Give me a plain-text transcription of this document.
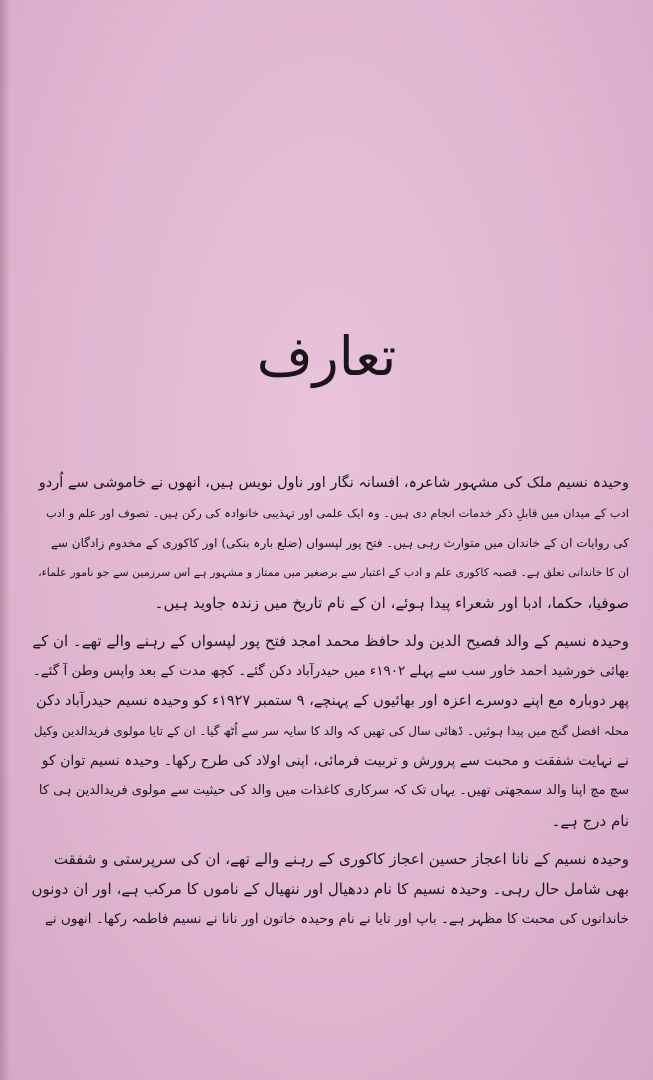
تعارف
وحیدہ نسیم ملک کی مشہور شاعرہ، افسانہ نگار اور ناول نویس ہیں، انھوں نے خاموشی سے اُردو
ادب کے میدان میں قابلِ ذکر خدمات انجام دی ہیں۔ وہ ایک علمی اور تہذیبی خانوادہ کی رکن ہیں۔ تصوف اور علم و ادب
کی روایات ان کے خاندان میں متوارث رہی ہیں۔ فتح پور لپسواں (ضلع بارہ بنکی) اور کاکوری کے مخدوم زادگان سے
ان کا خاندانی تعلق ہے۔ قصبہ کاکوری علم و ادب کے اعتبار سے برصغیر میں ممتاز و مشہور ہے اس سرزمین سے جو نامور علماء،
صوفیا، حکما، ادبا اور شعراء پیدا ہوئے، ان کے نام تاریخ میں زندہ جاوید ہیں۔
وحیدہ نسیم کے والد فصیح الدین ولد حافظ محمد امجد فتح پور لپسواں کے رہنے والے تھے۔ ان کے
بھائی خورشید احمد خاور سب سے پہلے ۱۹۰۲ء میں حیدرآباد دکن گئے۔ کچھ مدت کے بعد واپس وطن آ گئے۔
پھر دوبارہ مع اپنے دوسرے اعزہ اور بھائیوں کے پہنچے، ۹ ستمبر ۱۹۲۷ء کو وحیدہ نسیم حیدرآباد دکن
محلہ افضل گنج میں پیدا ہوئیں۔ ڈھائی سال کی تھیں کہ والد کا سایہ سر سے اُٹھ گیا۔ ان کے تایا مولوی فریدالدین وکیل
نے نہایت شفقت و محبت سے پرورش و تربیت فرمائی، اپنی اولاد کی طرح رکھا۔ وحیدہ نسیم توان کو
سچ مچ اپنا والد سمجھتی تھیں۔ یہاں تک کہ سرکاری کاغذات میں والد کی حیثیت سے مولوی فریدالدین ہی کا
نام درج ہے۔
وحیدہ نسیم کے نانا اعجاز حسین اعجاز کاکوری کے رہنے والے تھے، ان کی سرپرستی و شفقت
بھی شامل حال رہی۔ وحیدہ نسیم کا نام ددھیال اور ننھیال کے ناموں کا مرکب ہے، اور ان دونوں
خاندانوں کی محبت کا مظہر ہے۔ باپ اور تایا نے نام وحیدہ خاتون اور نانا نے نسیم فاطمہ رکھا۔ انھوں نے
